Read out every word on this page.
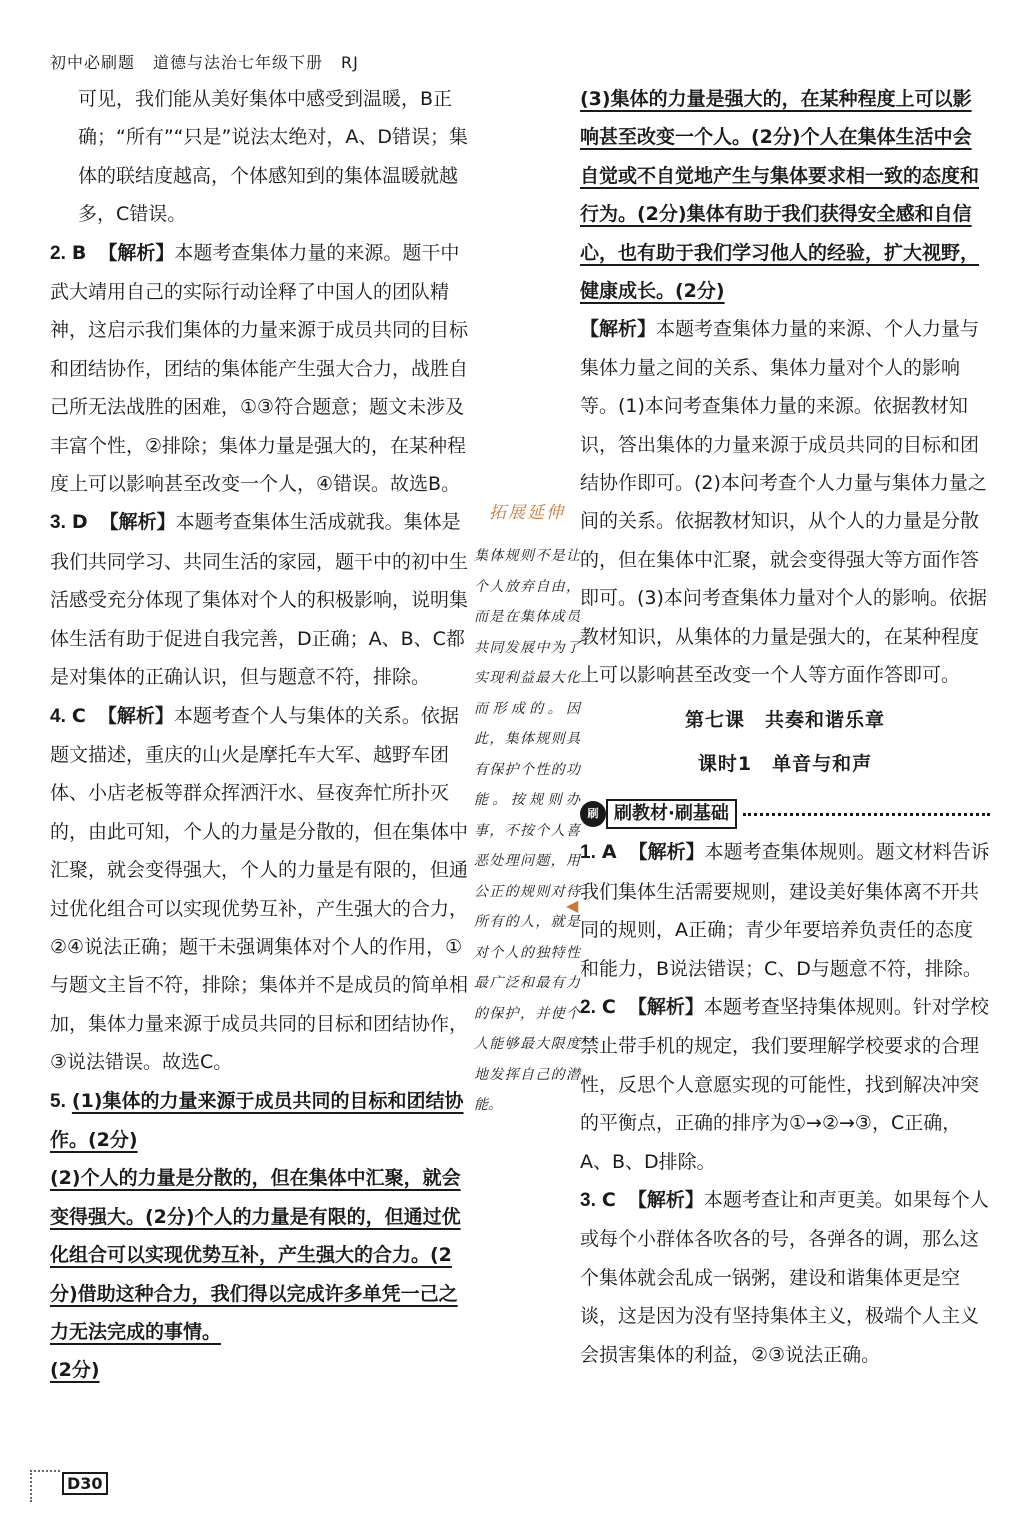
初中必刷题 道德与法治七年级下册 RJ

可见，我们能从美好集体中感受到温暖，B正确；“所有”“只是”说法太绝对，A、D错误；集体的联结度越高，个体感知到的集体温暖就越多，C错误。

2. B 【解析】本题考查集体力量的来源。题干中武大靖用自己的实际行动诠释了中国人的团队精神，这启示我们集体的力量来源于成员共同的目标和团结协作，团结的集体能产生强大合力，战胜自己所无法战胜的困难，①③符合题意；题文未涉及丰富个性，②排除；集体力量是强大的，在某种程度上可以影响甚至改变一个人，④错误。故选B。

3. D 【解析】本题考查集体生活成就我。集体是我们共同学习、共同生活的家园，题干中的初中生活感受充分体现了集体对个人的积极影响，说明集体生活有助于促进自我完善，D正确；A、B、C都是对集体的正确认识，但与题意不符，排除。

4. C 【解析】本题考查个人与集体的关系。依据题文描述，重庆的山火是摩托车大军、越野车团体、小店老板等群众挥洒汗水、昼夜奔忙所扑灭的，由此可知，个人的力量是分散的，但在集体中汇聚，就会变得强大，个人的力量是有限的，但通过优化组合可以实现优势互补，产生强大的合力，②④说法正确；题干未强调集体对个人的作用，①与题文主旨不符，排除；集体并不是成员的简单相加，集体力量来源于成员共同的目标和团结协作，③说法错误。故选C。

5. (1)集体的力量来源于成员共同的目标和团结协作。(2分)
(2)个人的力量是分散的，但在集体中汇聚，就会变得强大。(2分)个人的力量是有限的，但通过优化组合可以实现优势互补，产生强大的合力。(2分)借助这种合力，我们得以完成许多单凭一己之力无法完成的事情。
(2分)

拓展延伸
集体规则不是让个人放弃自由，而是在集体成员共同发展中为了实现利益最大化而形成的。因此，集体规则具有保护个性的功能。按规则办事，不按个人喜恶处理问题，用公正的规则对待所有的人，就是对个人的独特性最广泛和最有力的保护，并使个人能够最大限度地发挥自己的潜能。
◀

(3)集体的力量是强大的，在某种程度上可以影响甚至改变一个人。(2分)个人在集体生活中会自觉或不自觉地产生与集体要求相一致的态度和行为。(2分)集体有助于我们获得安全感和自信心，也有助于我们学习他人的经验，扩大视野，健康成长。(2分)

【解析】本题考查集体力量的来源、个人力量与集体力量之间的关系、集体力量对个人的影响等。(1)本问考查集体力量的来源。依据教材知识，答出集体的力量来源于成员共同的目标和团结协作即可。(2)本问考查个人力量与集体力量之间的关系。依据教材知识，从个人的力量是分散的，但在集体中汇聚，就会变得强大等方面作答即可。(3)本问考查集体力量对个人的影响。依据教材知识，从集体的力量是强大的，在某种程度上可以影响甚至改变一个人等方面作答即可。

第七课　共奏和谐乐章
课时1　单音与和声
刷 刷教材·刷基础

1. A 【解析】本题考查集体规则。题文材料告诉我们集体生活需要规则，建设美好集体离不开共同的规则，A正确；青少年要培养负责任的态度和能力，B说法错误；C、D与题意不符，排除。

2. C 【解析】本题考查坚持集体规则。针对学校禁止带手机的规定，我们要理解学校要求的合理性，反思个人意愿实现的可能性，找到解决冲突的平衡点，正确的排序为①→②→③，C正确，A、B、D排除。

3. C 【解析】本题考查让和声更美。如果每个人或每个小群体各吹各的号，各弹各的调，那么这个集体就会乱成一锅粥，建设和谐集体更是空谈，这是因为没有坚持集体主义，极端个人主义会损害集体的利益，②③说法正确。

D30
